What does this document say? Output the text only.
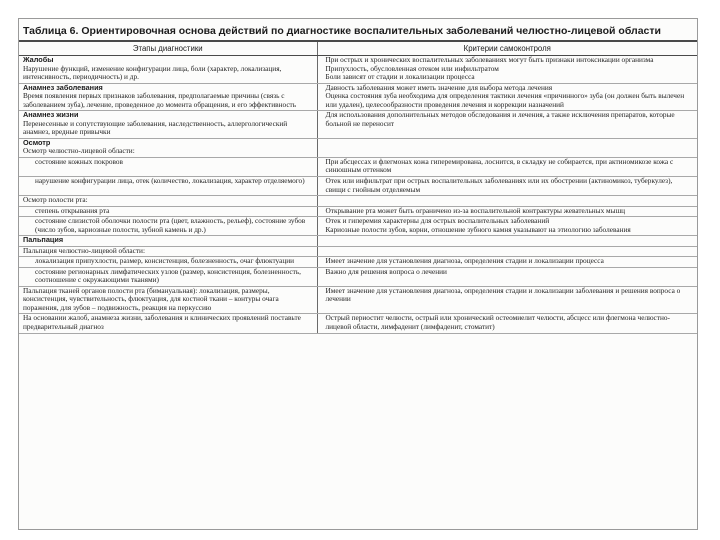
Таблица 6. Ориентировочная основа действий по диагностике воспалительных заболеваний челюстно-лицевой области
Этапы диагностики	Критерии самоконтроля

Жалобы
Нарушение функций, изменение конфигурации лица, боли (характер, локализация, интенсивность, периодичность) и др.	При острых и хронических воспалительных заболеваниях могут быть признаки интоксикации организма
Припухлость, обусловленная отеком или инфильтратом
Боли зависят от стадии и локализации процесса

Анамнез заболевания
Время появления первых признаков заболевания, предполагаемые причины (связь с заболеванием зуба), лечение, проведенное до момента обращения, и его эффективность	Давность заболевания может иметь значение для выбора метода лечения
Оценка состояния зуба необходима для определения тактики лечения «причинного» зуба (он должен быть вылечен или удален), целесообразности проведения лечения и коррекции назначений

Анамнез жизни
Перенесенные и сопутствующие заболевания, наследственность, аллергологический анамнез, вредные привычки	Для использования дополнительных методов обследования и лечения, а также исключения препаратов, которые больной не переносит

Осмотр
Осмотр челюстно-лицевой области:	
состояние кожных покровов	При абсцессах и флегмонах кожа гиперемирована, лоснится, в складку не собирается, при актиномикозе кожа с синюшным оттенком

нарушение конфигурации лица, отек (количество, локализация, характер отделяемого)	Отек или инфильтрат при острых воспалительных заболеваниях или их обострении (актиномикоз, туберкулез), свищи с гнойным отделяемым

Осмотр полости рта:	
степень открывания рта	Открывание рта может быть ограничено из-за воспалительной контрактуры жевательных мышц

состояние слизистой оболочки полости рта (цвет, влажность, рельеф), состояние зубов (число зубов, кариозные полости, зубной камень и др.)	Отек и гиперемия характерны для острых воспалительных заболеваний
Кариозные полости зубов, корни, отношение зубного камня указывают на этиологию заболевания

Пальпация	

Пальпация челюстно-лицевой области:	
локализация припухлости, размер, консистенция, болезненность, очаг флюктуации	Имеет значение для установления диагноза, определения стадии и локализации процесса

состояние регионарных лимфатических узлов (размер, консистенция, болезненность, соотношение с окружающими тканями)	Важно для решения вопроса о лечении

Пальпация тканей органов полости рта (бимануальная): локализация, размеры, консистенция, чувствительность, флюктуация, для костной ткани – контуры очага поражения, для зубов – подвижность, реакция на перкуссию	Имеет значение для установления диагноза, определения стадии и локализации заболевания и решения вопроса о лечении

На основании жалоб, анамнеза жизни, заболевания и клинических проявлений поставьте предварительный диагноз	Острый периостит челюсти, острый или хронический остеомиелит челюсти, абсцесс или флегмона челюстно-лицевой области, лимфаденит (лимфаденит, стоматит)
